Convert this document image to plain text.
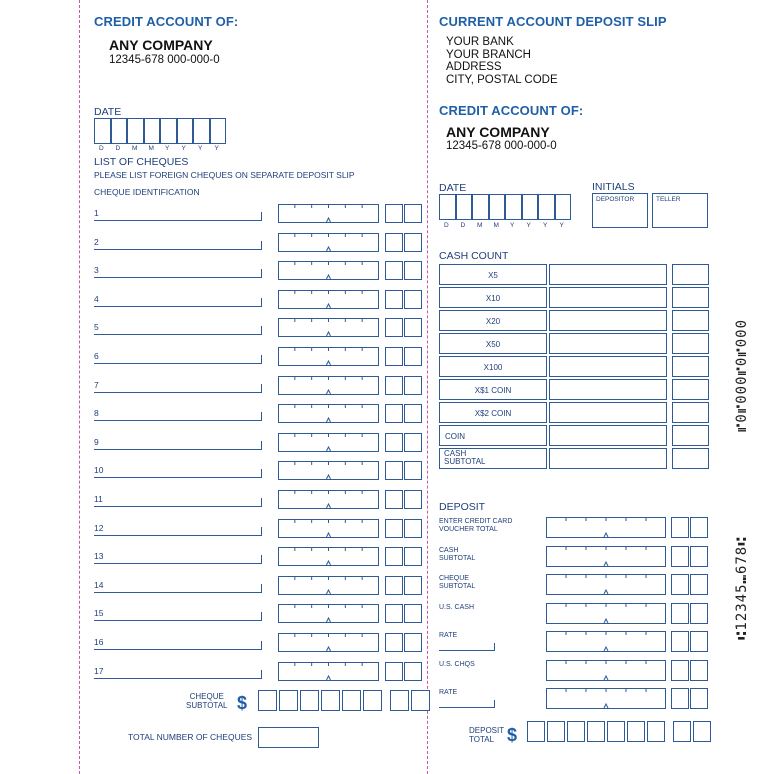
CREDIT ACCOUNT OF:
ANY COMPANY
12345-678 000-000-0
DATE
D D M M Y Y Y Y
LIST OF CHEQUES
PLEASE LIST FOREIGN CHEQUES ON SEPARATE DEPOSIT SLIP
CHEQUE IDENTIFICATION
1
2
3
4
5
6
7
8
9
10
11
12
13
14
15
16
17
CHEQUE
SUBTOTAL $
TOTAL NUMBER OF CHEQUES
CURRENT ACCOUNT DEPOSIT SLIP
YOUR BANK
YOUR BRANCH
ADDRESS
CITY, POSTAL CODE
CREDIT ACCOUNT OF:
ANY COMPANY
12345-678 000-000-0
DATE
D D M M Y Y Y Y
INITIALS
DEPOSITOR	TELLER
CASH COUNT
X5
X10
X20
X50
X100
X$1 COIN
X$2 COIN
COIN
CASH
SUBTOTAL
DEPOSIT
ENTER CREDIT CARD
VOUCHER TOTAL
CASH
SUBTOTAL
CHEQUE
SUBTOTAL
U.S. CASH
RATE
U.S. CHQS
RATE
DEPOSIT
TOTAL $
⑈0⑈000⑈0⑈000
⑆12345⑉678⑆
